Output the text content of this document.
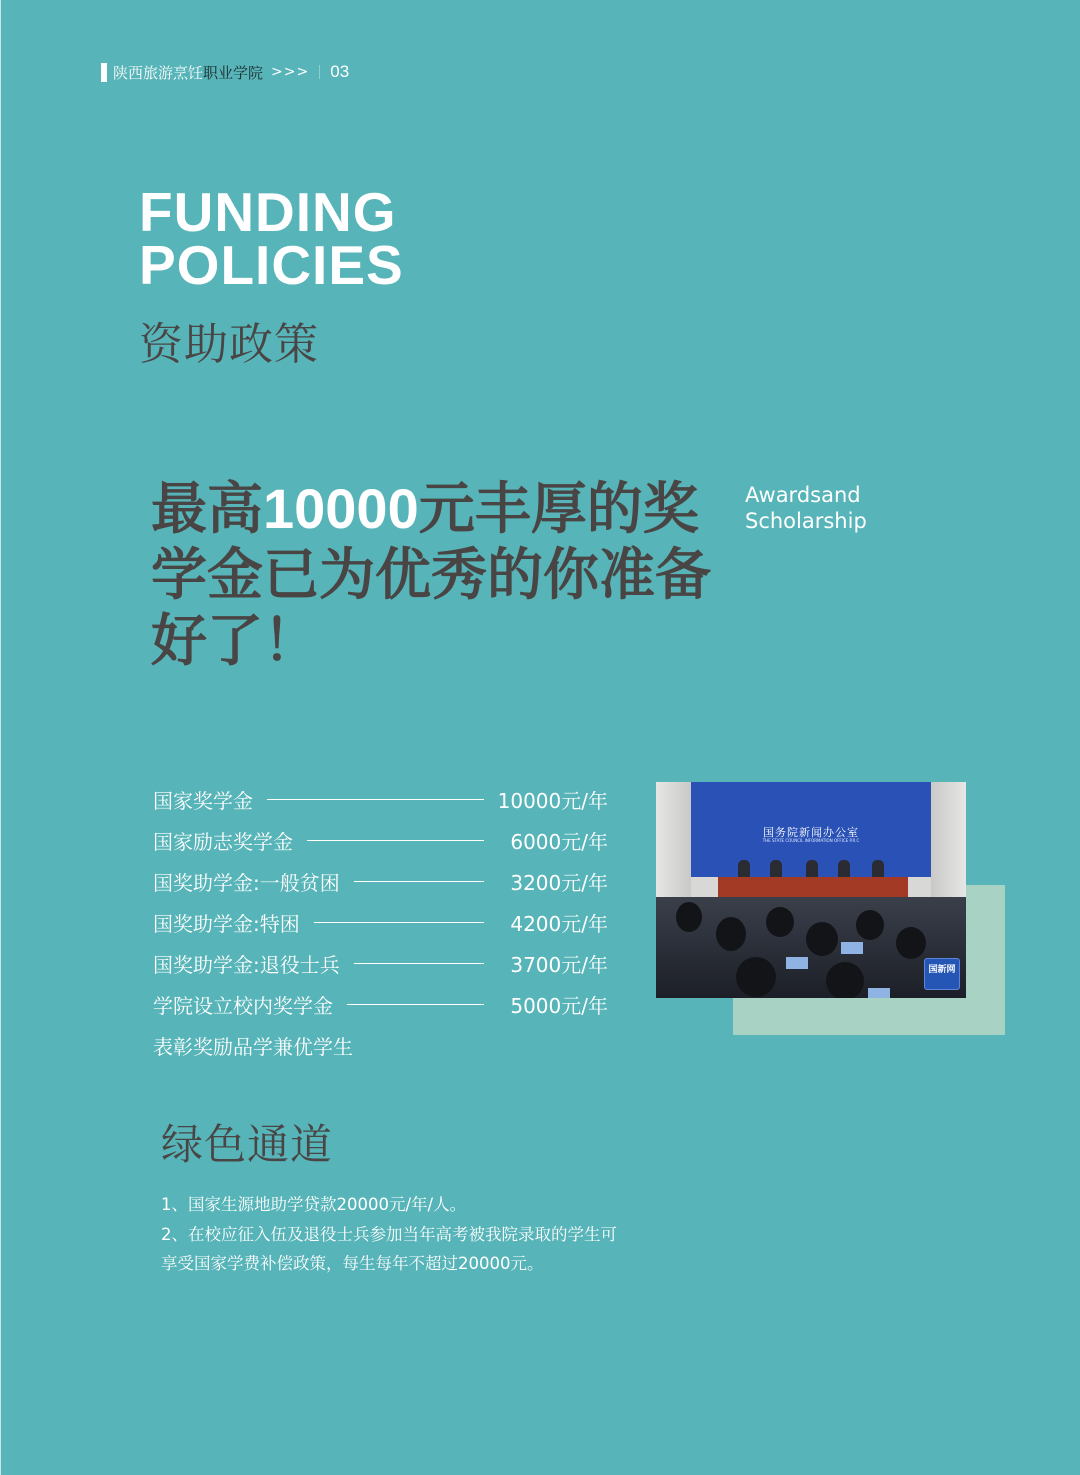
陕西旅游烹饪 职业学院 >>> 03
FUNDING
POLICIES
资助政策
最高10000元丰厚的奖
学金已为优秀的你准备
好了！
Awardsand
Scholarship
国家奖学金	10000元/年
国家励志奖学金	6000元/年
国奖助学金:一般贫困	3200元/年
国奖助学金:特困	4200元/年
国奖助学金:退役士兵	3700元/年
学院设立校内奖学金	5000元/年
表彰奖励品学兼优学生
国务院新闻办公室
THE STATE COUNCIL INFORMATION OFFICE P.R.C
国新网
绿色通道
1、国家生源地助学贷款20000元/年/人。
2、在校应征入伍及退役士兵参加当年高考被我院录取的学生可享受国家学费补偿政策，每生每年不超过20000元。
